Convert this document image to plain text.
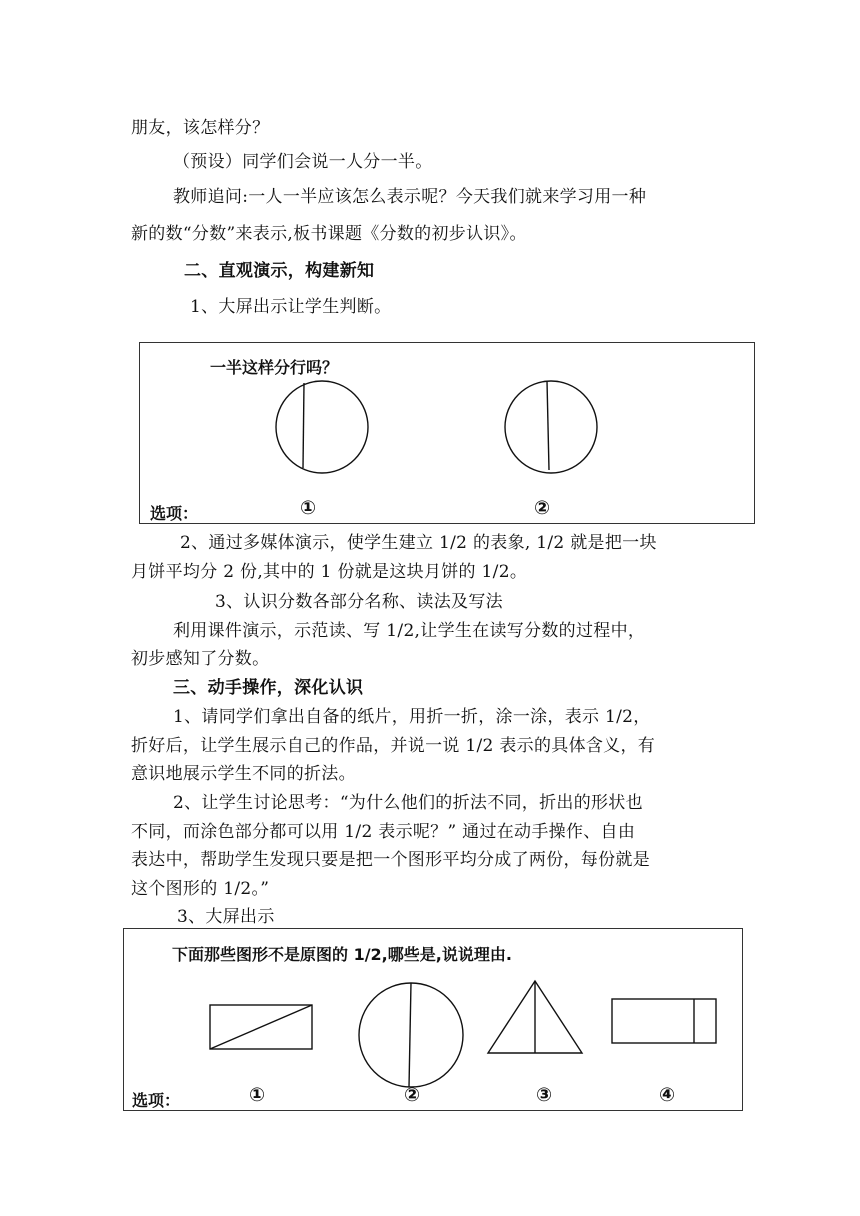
朋友，该怎样分？
（预设）同学们会说一人分一半。
教师追问:一人一半应该怎么表示呢？今天我们就来学习用一种
新的数“分数”来表示,板书课题《分数的初步认识》。
二、直观演示，构建新知
1、大屏出示让学生判断。
一半这样分行吗？
选项：	①	②
2、通过多媒体演示，使学生建立 1/2 的表象, 1/2 就是把一块
月饼平均分 2 份,其中的 1 份就是这块月饼的 1/2。
3、认识分数各部分名称、读法及写法
利用课件演示，示范读、写 1/2,让学生在读写分数的过程中，
初步感知了分数。
三、动手操作，深化认识
1、请同学们拿出自备的纸片，用折一折，涂一涂，表示 1/2，
折好后，让学生展示自己的作品，并说一说 1/2 表示的具体含义，有
意识地展示学生不同的折法。
2、让学生讨论思考：“为什么他们的折法不同，折出的形状也
不同，而涂色部分都可以用 1/2 表示呢？” 通过在动手操作、自由
表达中，帮助学生发现只要是把一个图形平均分成了两份，每份就是
这个图形的 1/2。”
3、大屏出示
下面那些图形不是原图的 1/2,哪些是,说说理由.
选项：	①	②	③	④
